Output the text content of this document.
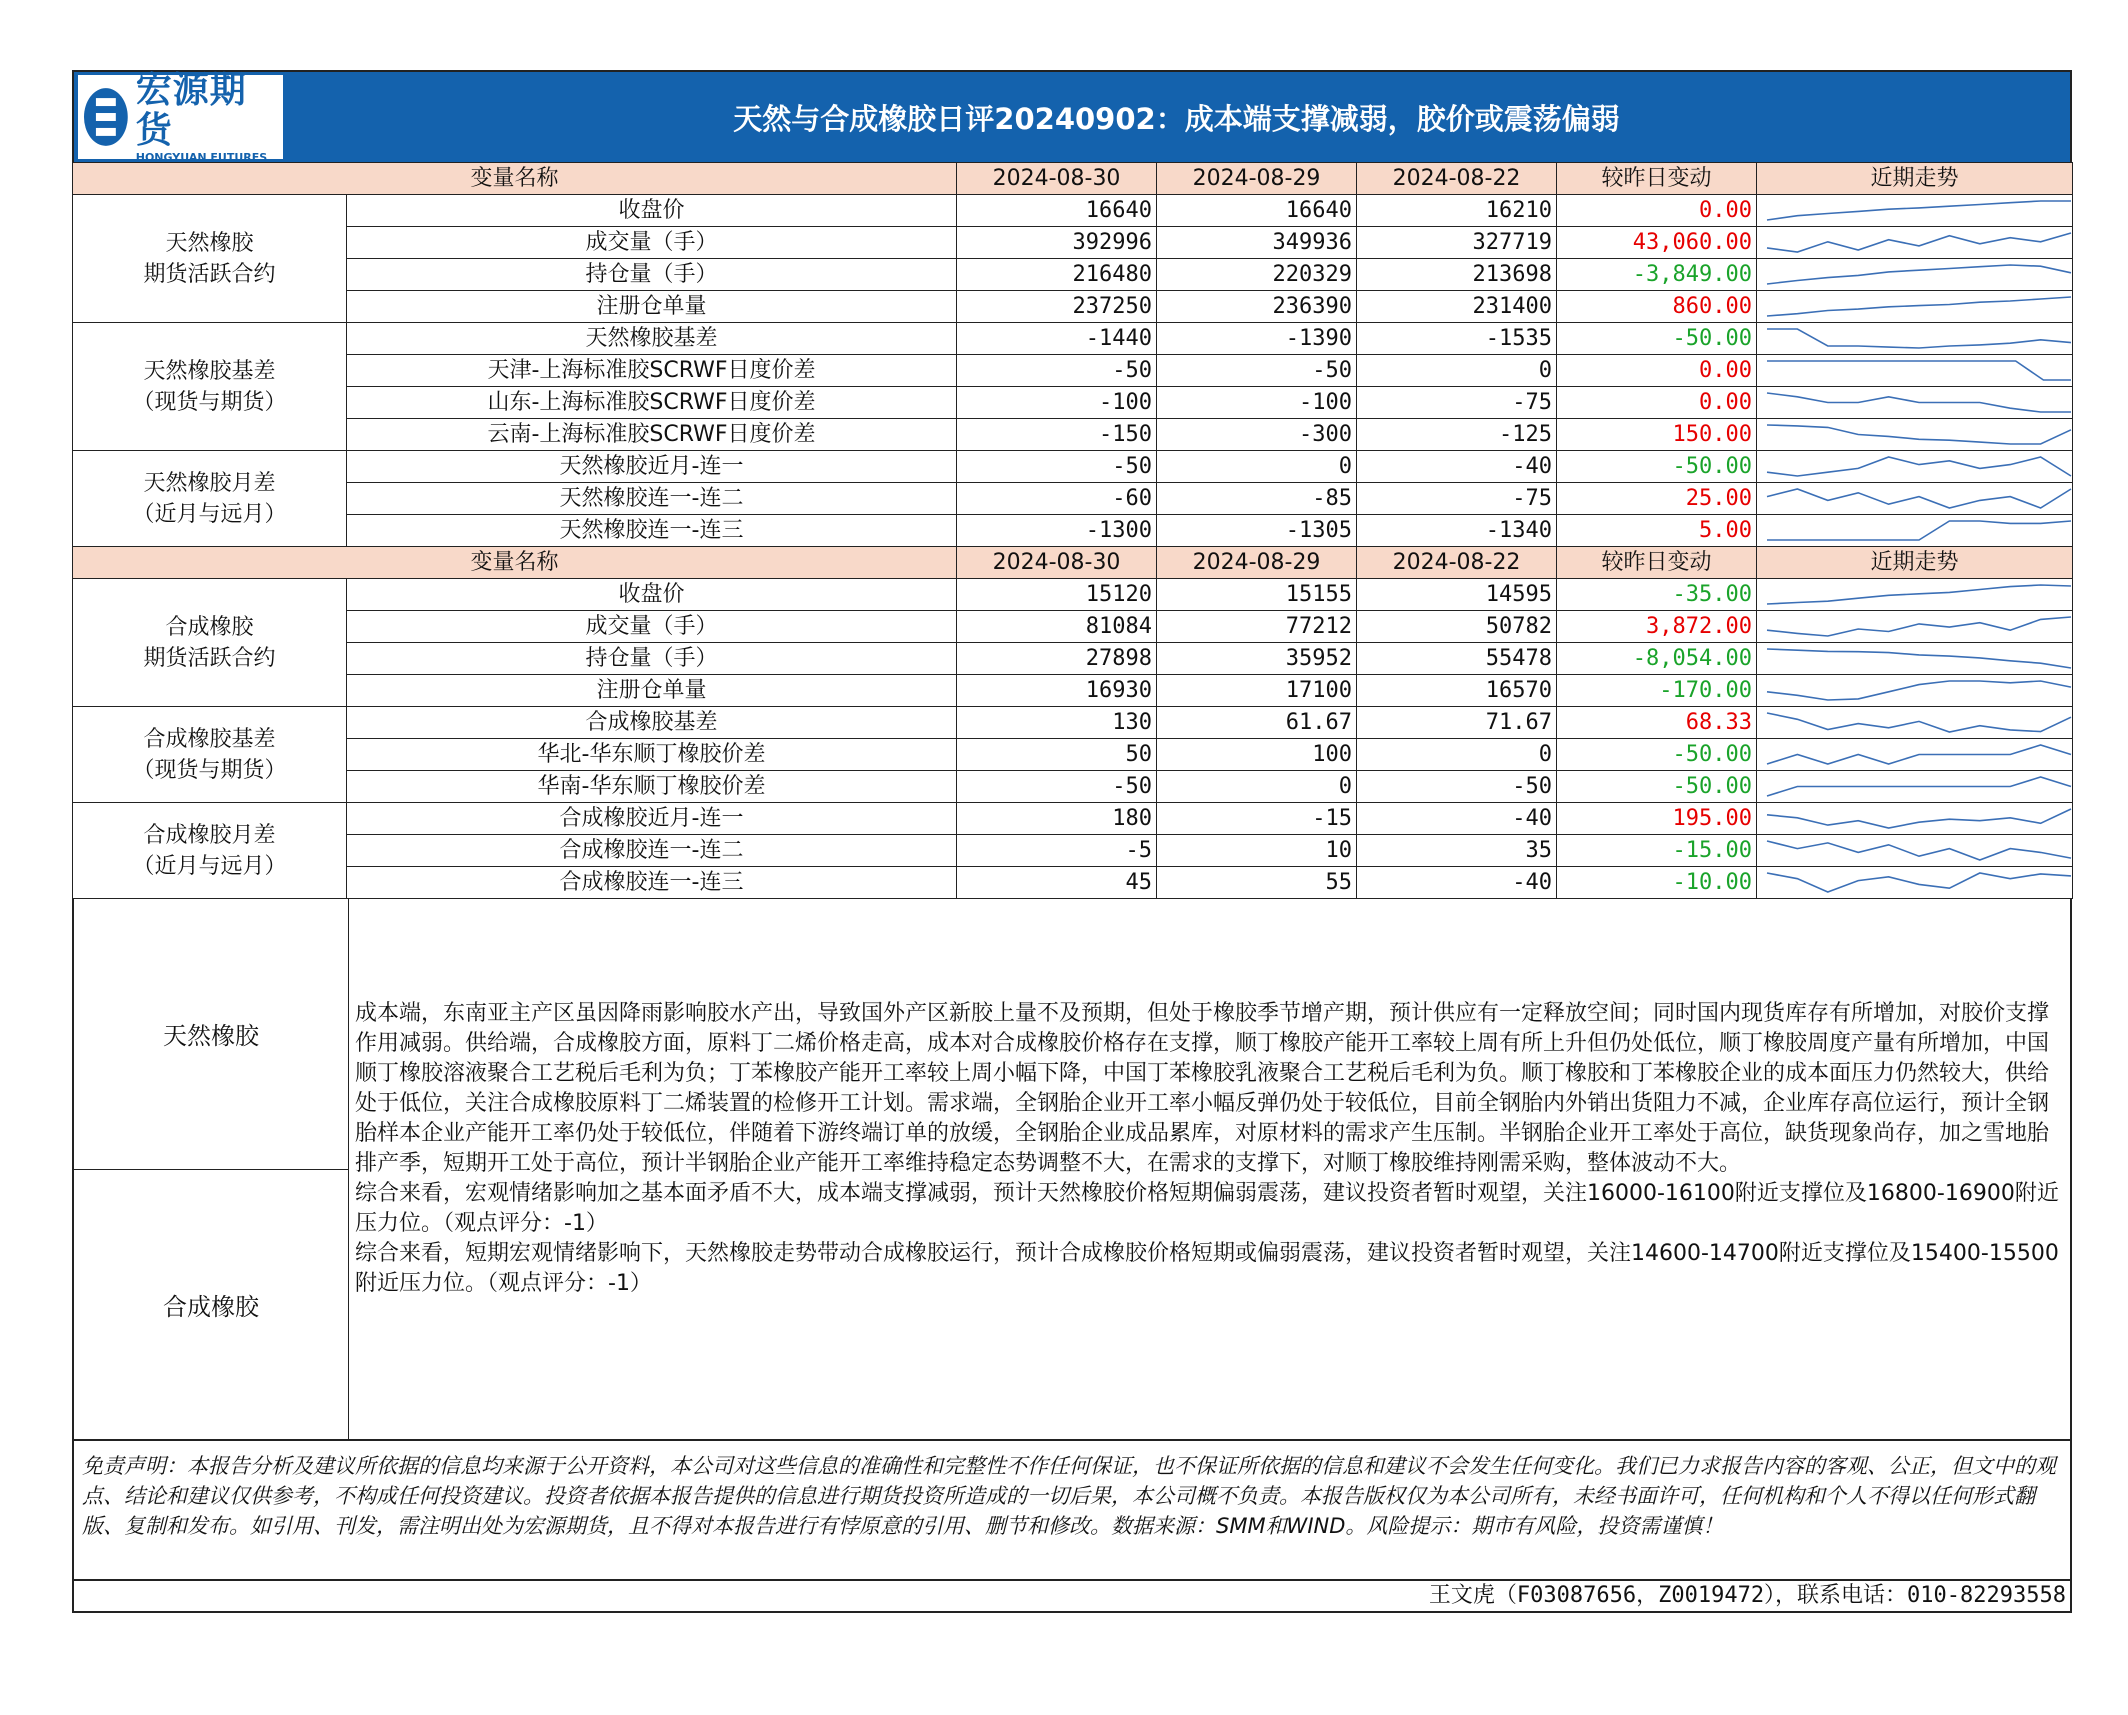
宏源期货
HONGYUAN FUTURES
天然与合成橡胶日评20240902：成本端支撑减弱，胶价或震荡偏弱
变量名称		2024-08-30	2024-08-29	2024-08-22	较昨日变动	近期走势
天然橡胶
期货活跃合约	收盘价	16640	16640	16210	0.00	

	成交量（手）	392996	349936	327719	43,060.00	

	持仓量（手）	216480	220329	213698	-3,849.00	

	注册仓单量	237250	236390	231400	860.00	

天然橡胶基差
（现货与期货）	天然橡胶基差	-1440	-1390	-1535	-50.00	

	天津-上海标准胶SCRWF日度价差	-50	-50	0	0.00	

	山东-上海标准胶SCRWF日度价差	-100	-100	-75	0.00	

	云南-上海标准胶SCRWF日度价差	-150	-300	-125	150.00	

天然橡胶月差
（近月与远月）	天然橡胶近月-连一	-50	0	-40	-50.00	

	天然橡胶连一-连二	-60	-85	-75	25.00	

	天然橡胶连一-连三	-1300	-1305	-1340	5.00	

变量名称		2024-08-30	2024-08-29	2024-08-22	较昨日变动	近期走势
合成橡胶
期货活跃合约	收盘价	15120	15155	14595	-35.00	

	成交量（手）	81084	77212	50782	3,872.00	

	持仓量（手）	27898	35952	55478	-8,054.00	

	注册仓单量	16930	17100	16570	-170.00	

合成橡胶基差
（现货与期货）	合成橡胶基差	130	61.67	71.67	68.33	

	华北-华东顺丁橡胶价差	50	100	0	-50.00	

	华南-华东顺丁橡胶价差	-50	0	-50	-50.00	

合成橡胶月差
（近月与远月）	合成橡胶近月-连一	180	-15	-40	195.00	

	合成橡胶连一-连二	-5	10	35	-15.00	

	合成橡胶连一-连三	45	55	-40	-10.00	
天然橡胶
合成橡胶

成本端，东南亚主产区虽因降雨影响胶水产出，导致国外产区新胶上量不及预期，但处于橡胶季节增产期，预计供应有一定释放空间；同时国内现货库存有所增加，对胶价支撑作用减弱。供给端，合成橡胶方面，原料丁二烯价格走高，成本对合成橡胶价格存在支撑，顺丁橡胶产能开工率较上周有所上升但仍处低位，顺丁橡胶周度产量有所增加，中国顺丁橡胶溶液聚合工艺税后毛利为负；丁苯橡胶产能开工率较上周小幅下降，中国丁苯橡胶乳液聚合工艺税后毛利为负。顺丁橡胶和丁苯橡胶企业的成本面压力仍然较大，供给处于低位，关注合成橡胶原料丁二烯装置的检修开工计划。需求端，全钢胎企业开工率小幅反弹仍处于较低位，目前全钢胎内外销出货阻力不减，企业库存高位运行，预计全钢胎样本企业产能开工率仍处于较低位，伴随着下游终端订单的放缓，全钢胎企业成品累库，对原材料的需求产生压制。半钢胎企业开工率处于高位，缺货现象尚存，加之雪地胎排产季，短期开工处于高位，预计半钢胎企业产能开工率维持稳定态势调整不大，在需求的支撑下，对顺丁橡胶维持刚需采购，整体波动不大。

综合来看，宏观情绪影响加之基本面矛盾不大，成本端支撑减弱，预计天然橡胶价格短期偏弱震荡，建议投资者暂时观望，关注16000-16100附近支撑位及16800-16900附近压力位。（观点评分：-1）

综合来看，短期宏观情绪影响下，天然橡胶走势带动合成橡胶运行，预计合成橡胶价格短期或偏弱震荡，建议投资者暂时观望，关注14600-14700附近支撑位及15400-15500附近压力位。（观点评分：-1）

免责声明：本报告分析及建议所依据的信息均来源于公开资料，本公司对这些信息的准确性和完整性不作任何保证，也不保证所依据的信息和建议不会发生任何变化。我们已力求报告内容的客观、公正，但文中的观点、结论和建议仅供参考，不构成任何投资建议。投资者依据本报告提供的信息进行期货投资所造成的一切后果，本公司概不负责。本报告版权仅为本公司所有，未经书面许可，任何机构和个人不得以任何形式翻版、复制和发布。如引用、刊发，需注明出处为宏源期货，且不得对本报告进行有悖原意的引用、删节和修改。数据来源：SMM和WIND。风险提示：期市有风险，投资需谨慎！
王文虎（F03087656，Z0019472），联系电话：010-82293558
